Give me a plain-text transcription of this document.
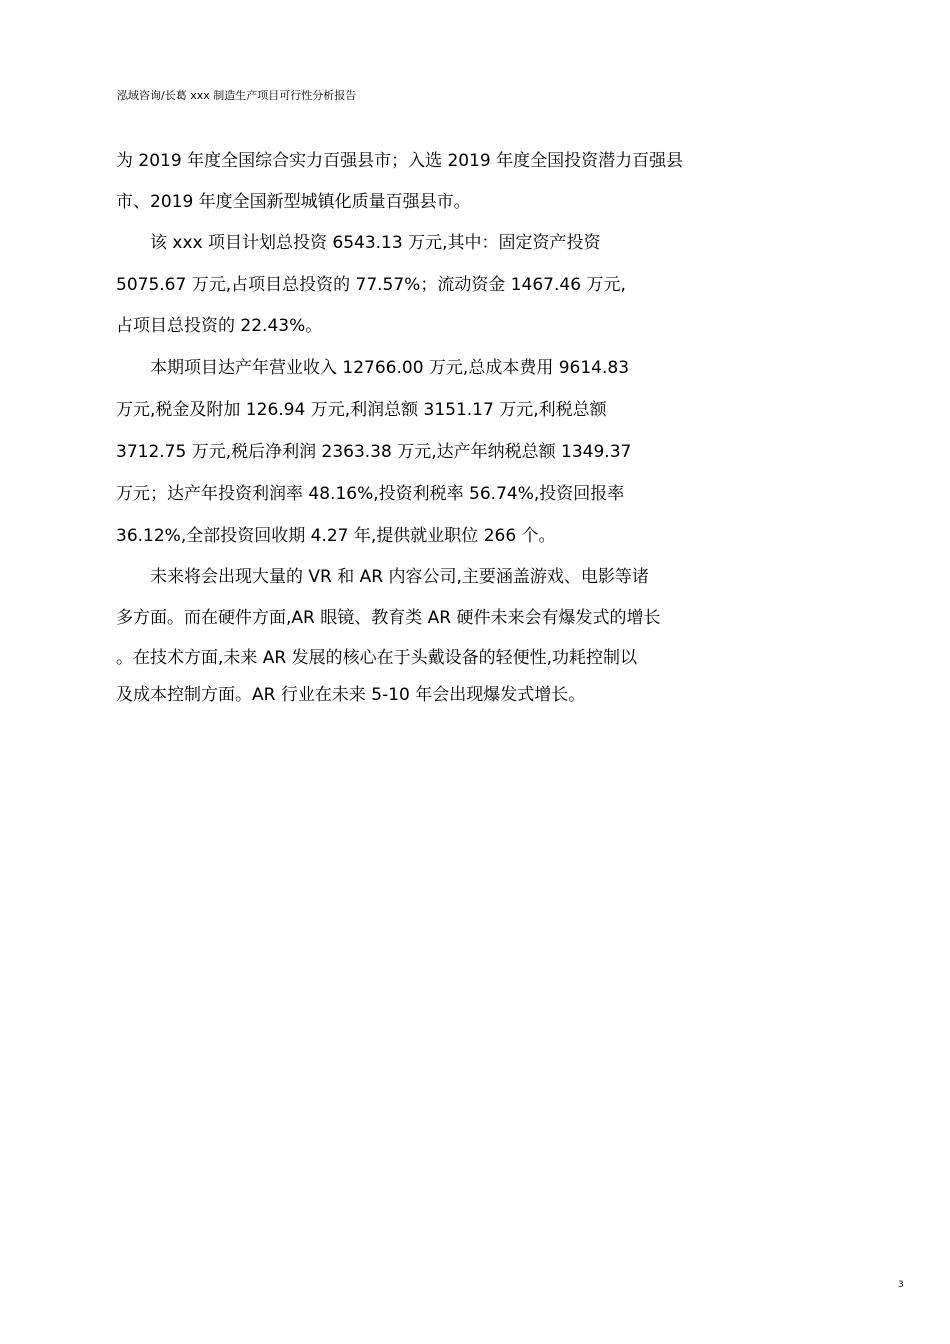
泓域咨询/长葛 xxx 制造生产项目可行性分析报告
为 2019 年度全国综合实力百强县市；入选 2019 年度全国投资潜力百强县
市、2019 年度全国新型城镇化质量百强县市。
该 xxx 项目计划总投资 6543.13 万元,其中：固定资产投资
5075.67 万元,占项目总投资的 77.57%；流动资金 1467.46 万元,
占项目总投资的 22.43%。
本期项目达产年营业收入 12766.00 万元,总成本费用 9614.83
万元,税金及附加 126.94 万元,利润总额 3151.17 万元,利税总额
3712.75 万元,税后净利润 2363.38 万元,达产年纳税总额 1349.37
万元；达产年投资利润率 48.16%,投资利税率 56.74%,投资回报率
36.12%,全部投资回收期 4.27 年,提供就业职位 266 个。
未来将会出现大量的 VR 和 AR 内容公司,主要涵盖游戏、电影等诸
多方面。而在硬件方面,AR 眼镜、教育类 AR 硬件未来会有爆发式的增长
。在技术方面,未来 AR 发展的核心在于头戴设备的轻便性,功耗控制以
及成本控制方面。AR 行业在未来 5-10 年会出现爆发式增长。
3
